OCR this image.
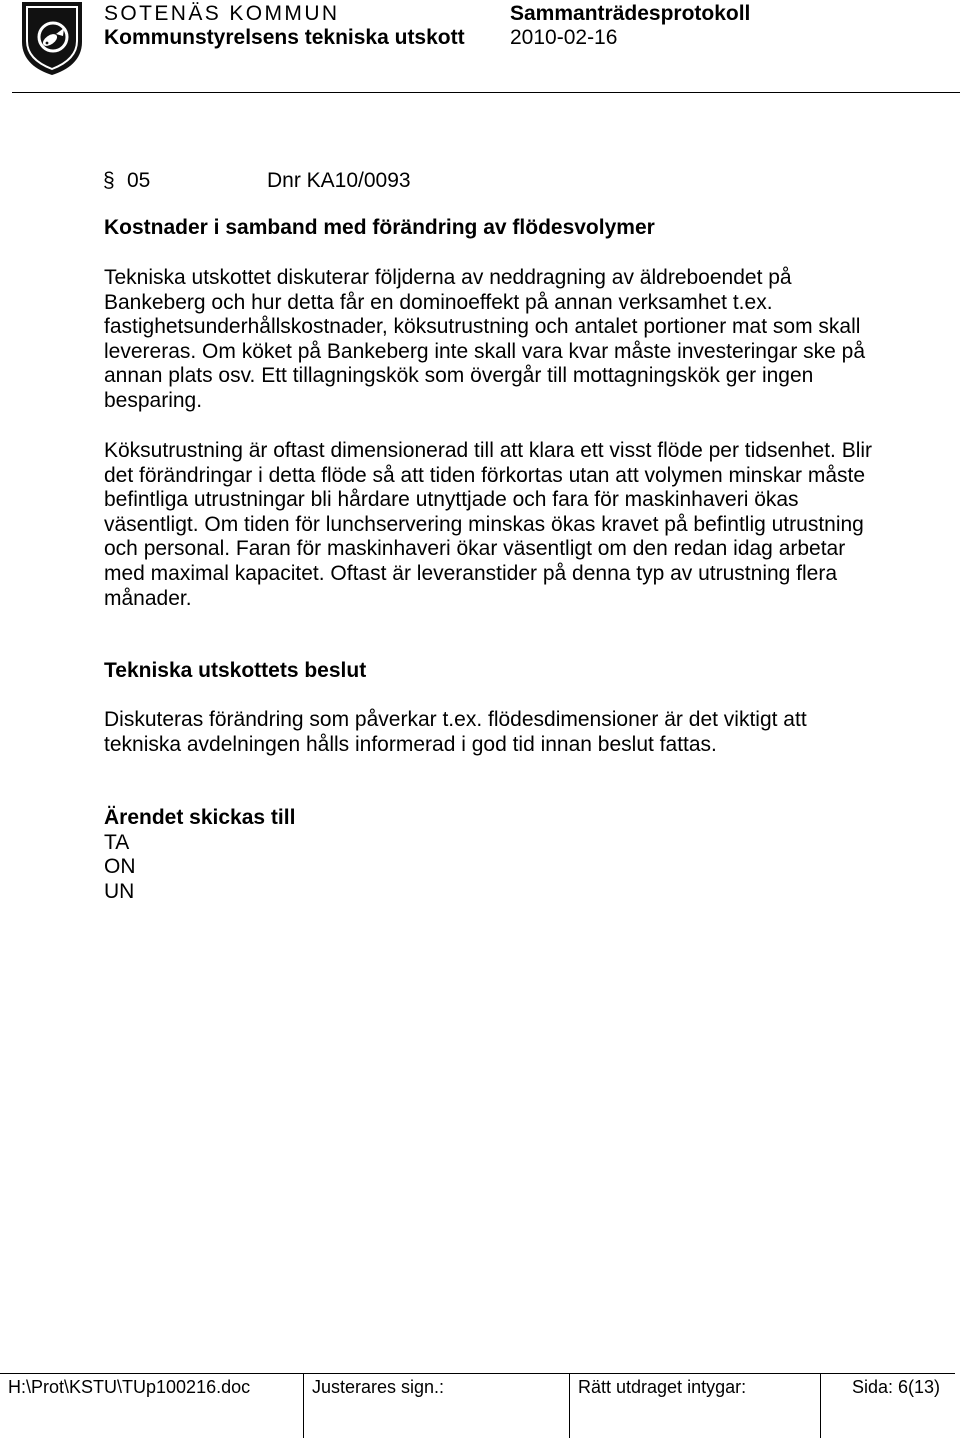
SOTENÄS KOMMUN	Sammanträdesprotokoll
Kommunstyrelsens tekniska utskott 2010-02-16
§ 05	Dnr KA10/0093
Kostnader i samband med förändring av flödesvolymer
Tekniska utskottet diskuterar följderna av neddragning av äldreboendet på
Bankeberg och hur detta får en dominoeffekt på annan verksamhet t.ex.
fastighetsunderhållskostnader, köksutrustning och antalet portioner mat som skall
levereras. Om köket på Bankeberg inte skall vara kvar måste investeringar ske på
annan plats osv. Ett tillagningskök som övergår till mottagningskök ger ingen
besparing.
Köksutrustning är oftast dimensionerad till att klara ett visst flöde per tidsenhet. Blir
det förändringar i detta flöde så att tiden förkortas utan att volymen minskar måste
befintliga utrustningar bli hårdare utnyttjade och fara för maskinhaveri ökas
väsentligt. Om tiden för lunchservering minskas ökas kravet på befintlig utrustning
och personal. Faran för maskinhaveri ökar väsentligt om den redan idag arbetar
med maximal kapacitet. Oftast är leveranstider på denna typ av utrustning flera
månader.
Tekniska utskottets beslut
Diskuteras förändring som påverkar t.ex. flödesdimensioner är det viktigt att
tekniska avdelningen hålls informerad i god tid innan beslut fattas.
Ärendet skickas till
TA
ON
UN
H:\Prot\KSTU\TUp100216.doc	Justerares sign.:	Rätt utdraget intygar:	Sida: 6(13)
